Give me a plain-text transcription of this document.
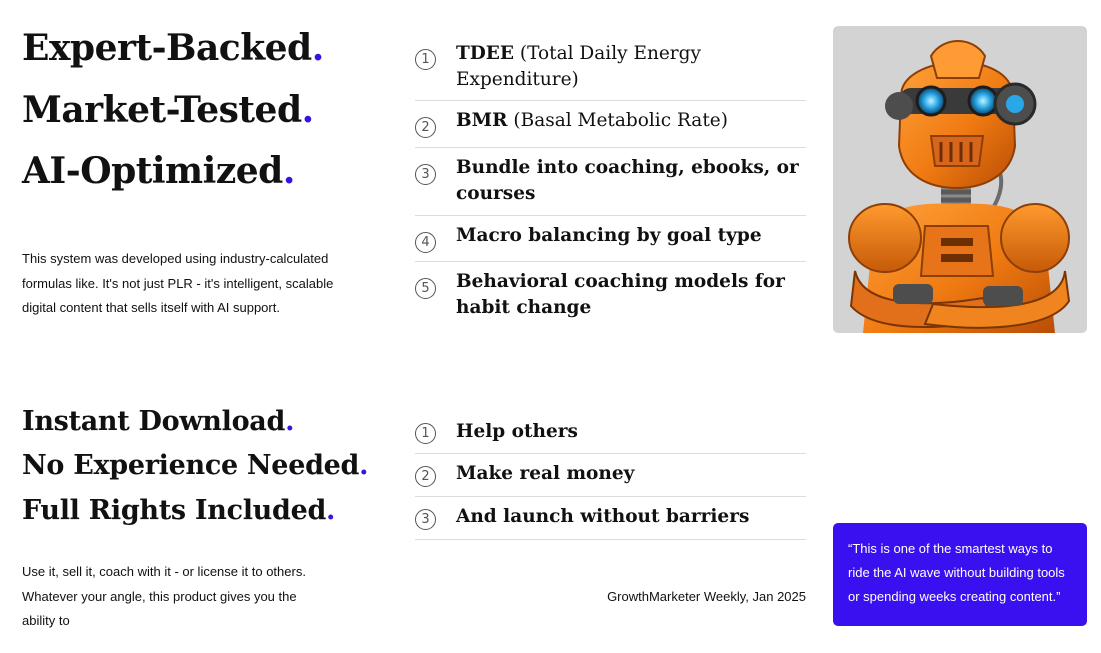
Expert-Backed.
Market-Tested.
AI-Optimized.

This system was developed using industry-calculated formulas like. It's not just PLR - it's intelligent, scalable digital content that sells itself with AI support.

1	TDEE (Total Daily Energy Expenditure)
2	BMR (Basal Metabolic Rate)
3	Bundle into coaching, ebooks, or courses
4	Macro balancing by goal type
5	Behavioral coaching models for habit change
Instant Download.
No Experience Needed.
Full Rights Included.

Use it, sell it, coach with it - or license it to others. Whatever your angle, this product gives you the ability to

1	Help others
2	Make real money
3	And launch without barriers
GrowthMarketer Weekly, Jan 2025
“This is one of the smartest ways to ride the AI wave without building tools or spending weeks creating content.”
